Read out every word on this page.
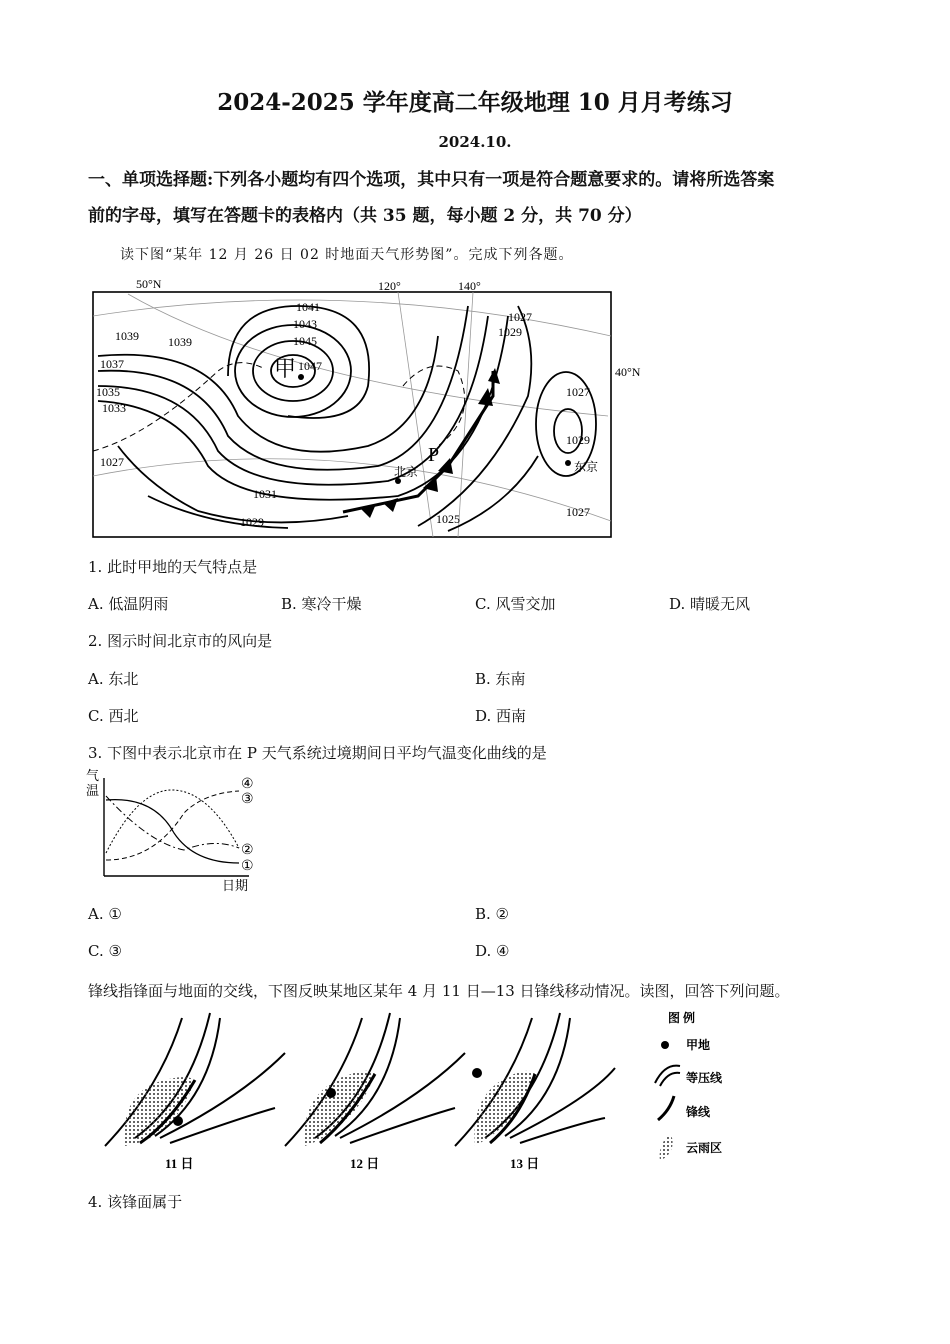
2024-2025 学年度高二年级地理 10 月月考练习
2024.10.
一、单项选择题:下列各小题均有四个选项，其中只有一项是符合题意要求的。请将所选答案
前的字母，填写在答题卡的表格内（共 35 题，每小题 2 分，共 70 分）
读下图“某年 12 月 26 日 02 时地面天气形势图”。完成下列各题。
50°N	120°	140°
40°N
1041
1043
1045
1047
1039 1039
1037
1035
1033
1027
1031
1029	1025
1027
1029
1027
1029
1027
甲
北京
P
东京
1. 此时甲地的天气特点是
A. 低温阴雨	B. 寒冷干燥	C. 风雪交加	D. 晴暖无风
2. 图示时间北京市的风向是
A. 东北	B. 东南
C. 西北	D. 西南
3. 下图中表示北京市在 P 天气系统过境期间日平均气温变化曲线的是
气温
日期
④
③
②
①
A. ①	B. ②
C. ③	D. ④
锋线指锋面与地面的交线，下图反映某地区某年 4 月 11 日—13 日锋线移动情况。读图，回答下列问题。
11 日	12 日	13 日
图 例
甲地
等压线
锋线
云雨区
4. 该锋面属于
